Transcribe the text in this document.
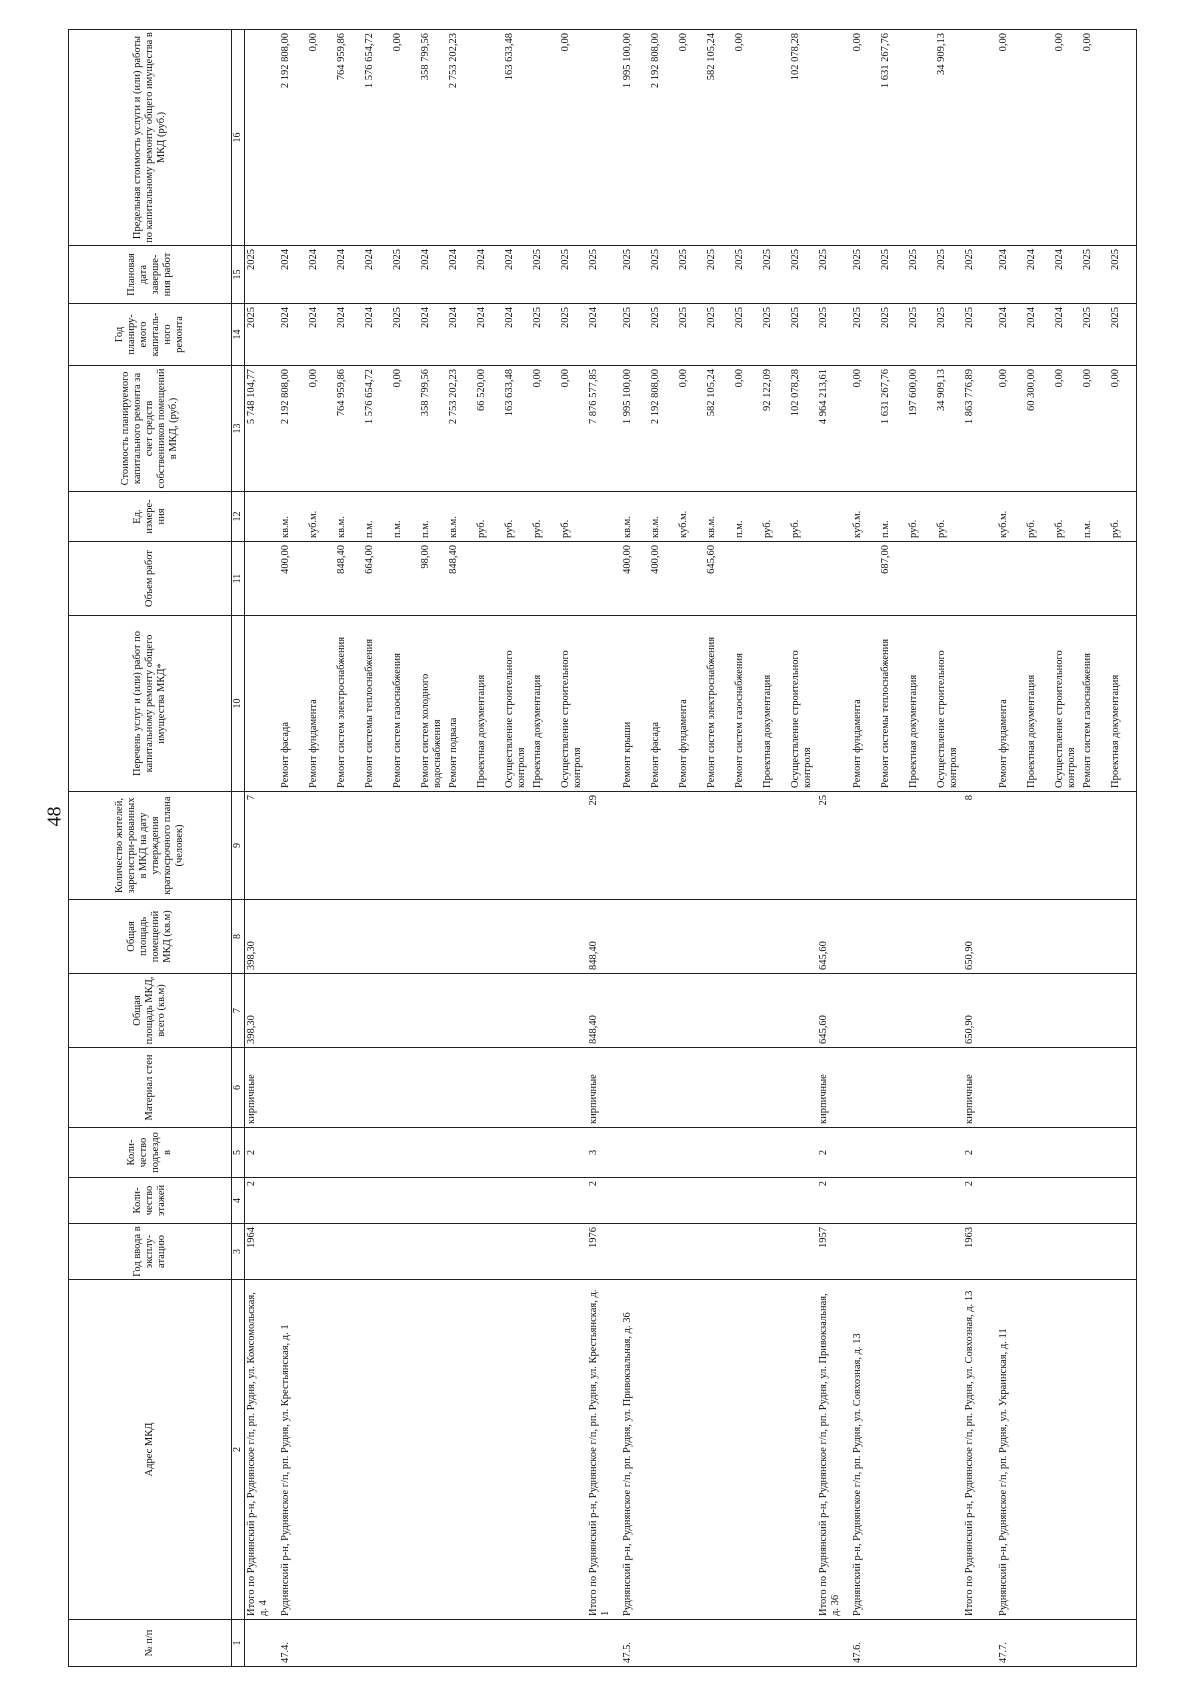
48
№ п/п	Адрес МКД	Год ввода в эксплу-атацию	Коли-чество этажей	Коли-чество подъездо в	Материал стен	Общая площадь МКД, всего (кв.м)	Общая площадь помещений МКД (кв.м)	Количество жителей, зарегистри-рованных в МКД на дату утверждения краткосрочного плана (человек)	Перечень услуг и (или) работ по капитальному ремонту общего имущества МКД*	Объем работ	Ед. измере-ния	Стоимость планируемого капитального ремонта за счет средств собственников помещений в МКД, (руб.)	Год планиру-емого капиталь-ного ремонта	Плановая дата заверше-ния работ	Предельная стоимость услуги и (или) работы по капитальному ремонту общего имущества в МКД (руб.)
1	2	3	4	5	6	7	8	9	10	11	12	13	14	15	16
	Итого по Руднянский р-н, Руднянское г/п, рп. Рудня, ул. Комсомольская, д. 4	1964	2	2	кирпичные	398,30	398,30	7				5 748 104,77	2025	2025	
47.4.	Руднянский р-н, Руднянское г/п, рп. Рудня, ул. Крестьянская, д. 1								Ремонт фасада	400,00	кв.м.	2 192 808,00	2024	2024	2 192 808,00
									Ремонт фундамента		куб.м.	0,00	2024	2024	0,00
									Ремонт систем электроснабжения	848,40	кв.м.	764 959,86	2024	2024	764 959,86
									Ремонт системы теплоснабжения	664,00	п.м.	1 576 654,72	2024	2024	1 576 654,72
									Ремонт систем газоснабжения		п.м.	0,00	2025	2025	0,00
									Ремонт систем холодного водоснабжения	98,00	п.м.	358 799,56	2024	2024	358 799,56
									Ремонт подвала	848,40	кв.м.	2 753 202,23	2024	2024	2 753 202,23
									Проектная документация		руб.	66 520,00	2024	2024	
									Осуществление строительного контроля		руб.	163 633,48	2024	2024	163 633,48
									Проектная документация		руб.	0,00	2025	2025	
									Осуществление строительного контроля		руб.	0,00	2025	2025	0,00
	Итого по Руднянский р-н, Руднянское г/п, рп. Рудня, ул. Крестьянская, д. 1	1976	2	3	кирпичные	848,40	848,40	29				7 876 577,85	2024	2025	
47.5.	Руднянский р-н, Руднянское г/п, рп. Рудня, ул. Привокзальная, д. 36								Ремонт крыши	400,00	кв.м.	1 995 100,00	2025	2025	1 995 100,00
									Ремонт фасада	400,00	кв.м.	2 192 808,00	2025	2025	2 192 808,00
									Ремонт фундамента		куб.м.	0,00	2025	2025	0,00
									Ремонт систем электроснабжения	645,60	кв.м.	582 105,24	2025	2025	582 105,24
									Ремонт систем газоснабжения		п.м.	0,00	2025	2025	0,00
									Проектная документация		руб.	92 122,09	2025	2025	
									Осуществление строительного контроля		руб.	102 078,28	2025	2025	102 078,28
	Итого по Руднянский р-н, Руднянское г/п, рп. Рудня, ул. Привокзальная, д. 36	1957	2	2	кирпичные	645,60	645,60	25				4 964 213,61	2025	2025	
47.6.	Руднянский р-н, Руднянское г/п, рп. Рудня, ул. Совхозная, д. 13								Ремонт фундамента		куб.м.	0,00	2025	2025	0,00
									Ремонт системы теплоснабжения	687,00	п.м.	1 631 267,76	2025	2025	1 631 267,76
									Проектная документация		руб.	197 600,00	2025	2025	
									Осуществление строительного контроля		руб.	34 909,13	2025	2025	34 909,13
	Итого по Руднянский р-н, Руднянское г/п, рп. Рудня, ул. Совхозная, д. 13	1963	2	2	кирпичные	650,90	650,90	8				1 863 776,89	2025	2025	
47.7.	Руднянский р-н, Руднянское г/п, рп. Рудня, ул. Украинская, д. 11								Ремонт фундамента		куб.м.	0,00	2024	2024	0,00
									Проектная документация		руб.	60 300,00	2024	2024	
									Осуществление строительного контроля		руб.	0,00	2024	2024	0,00
									Ремонт систем газоснабжения		п.м.	0,00	2025	2025	0,00
									Проектная документация		руб.	0,00	2025	2025	
